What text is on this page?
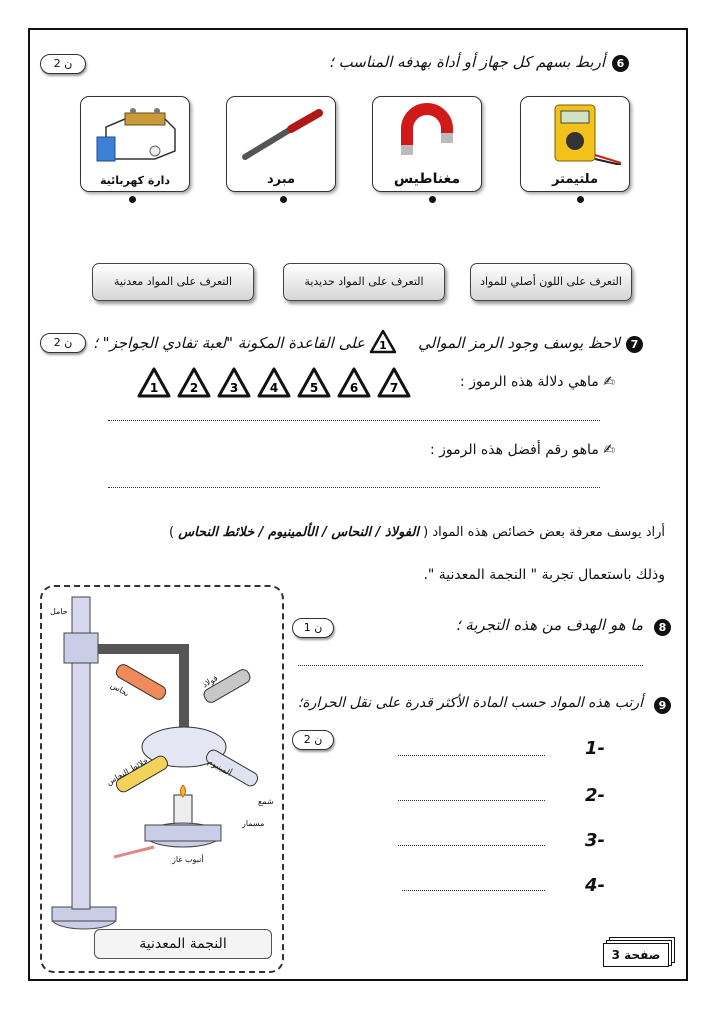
6
أربط بسهم كل جهاز أو أداة بهدفه المناسب ؛
2 ن
دارة كهربائية	مبرد	مغناطيس	ملتيمتر
التعرف على المواد معدنية	التعرف على المواد حديدية	التعرف على اللون أصلي للمواد
7
لاحظ يوسف وجود الرمز الموالي
1
على القاعدة المكونة "لعبة تفادي الجواجز" ؛
2 ن
✍ ماهي دلالة هذه الرموز :
1	2	3	4	5	6	7
✍ ماهو رقم أفضل هذه الرموز :
أراد يوسف معرفة بعض خصائص هذه المواد ( الفولاذ / النحاس / الألمينيوم / خلائط النحاس )
وذلك باستعمال تجربة " النجمة المعدنية ".
نحاس	فولاذ
خلائط النحاس	ألمينيوم
شمع
مسمار
أنبوب غاز
حامل
النجمة المعدنية
8
ما هو الهدف من هذه التجربة ؛
1 ن
9
أرتب هذه المواد حسب المادة الأكثر قدرة على نقل الحرارة؛
2 ن	1-
2-
3-
4-
صفحة 3
